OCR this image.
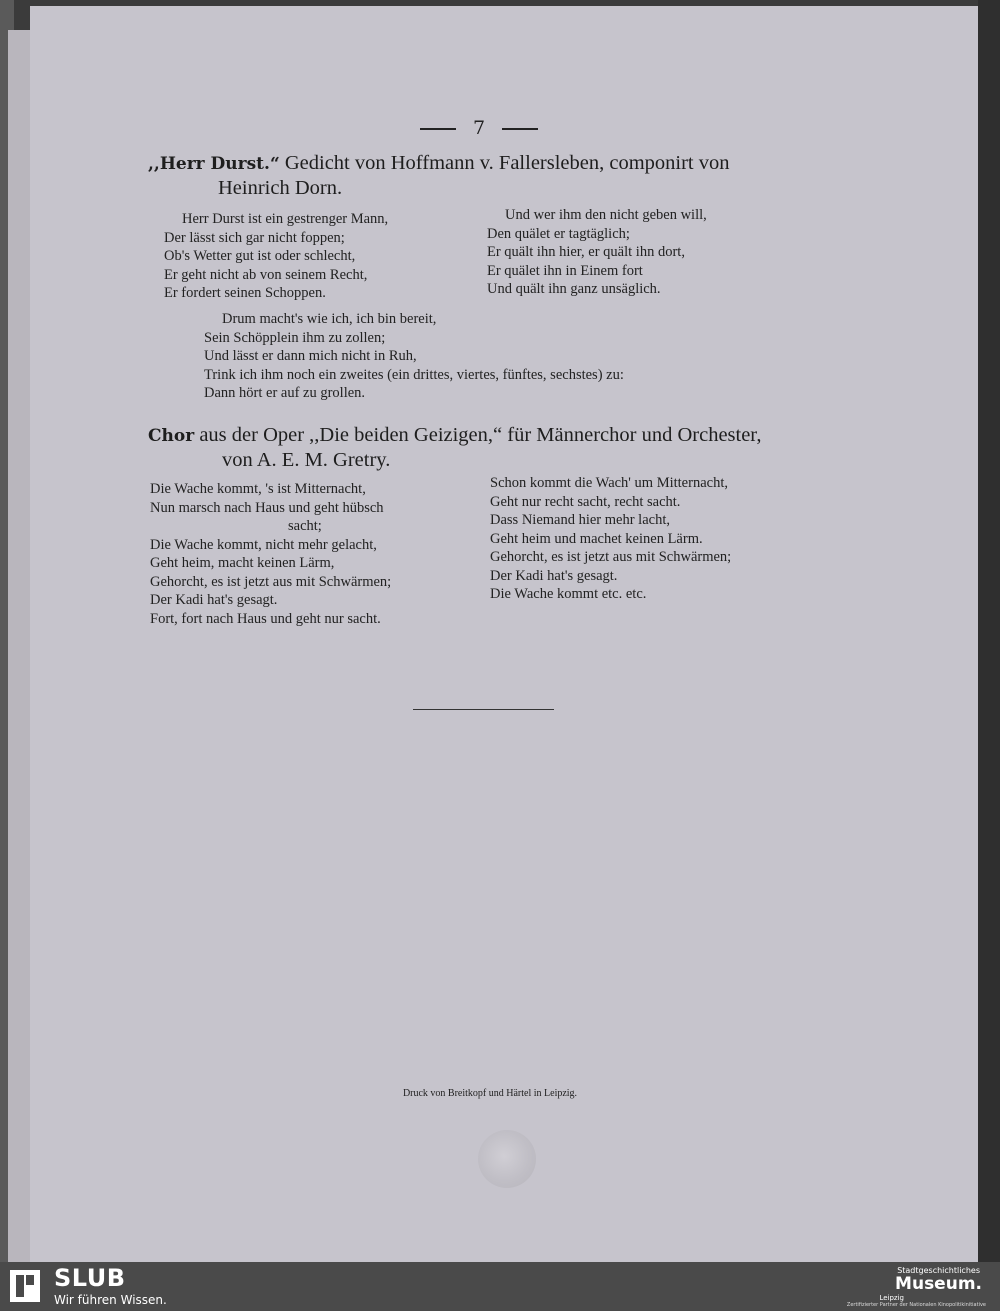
7
,,Herr Durst.“ Gedicht von Hoffmann v. Fallersleben, componirt von
Heinrich Dorn.
Herr Durst ist ein gestrenger Mann,
Der lässt sich gar nicht foppen;
Ob's Wetter gut ist oder schlecht,
Er geht nicht ab von seinem Recht,
Er fordert seinen Schoppen.
Und wer ihm den nicht geben will,
Den quälet er tagtäglich;
Er quält ihn hier, er quält ihn dort,
Er quälet ihn in Einem fort
Und quält ihn ganz unsäglich.
Drum macht's wie ich, ich bin bereit,
Sein Schöpplein ihm zu zollen;
Und lässt er dann mich nicht in Ruh,
Trink ich ihm noch ein zweites (ein drittes, viertes, fünftes, sechstes) zu:
Dann hört er auf zu grollen.
Chor aus der Oper ,,Die beiden Geizigen,“ für Männerchor und Orchester,
von A. E. M. Gretry.
Die Wache kommt, 's ist Mitternacht,
Nun marsch nach Haus und geht hübsch
sacht;
Die Wache kommt, nicht mehr gelacht,
Geht heim, macht keinen Lärm,
Gehorcht, es ist jetzt aus mit Schwärmen;
Der Kadi hat's gesagt.
Fort, fort nach Haus und geht nur sacht.
Schon kommt die Wach' um Mitternacht,
Geht nur recht sacht, recht sacht.
Dass Niemand hier mehr lacht,
Geht heim und machet keinen Lärm.
Gehorcht, es ist jetzt aus mit Schwärmen;
Der Kadi hat's gesagt.
Die Wache kommt etc. etc.
Druck von Breitkopf und Härtel in Leipzig.
SLUB
Wir führen Wissen.
Stadtgeschichtliches
Museum.
Leipzig
Zertifizierter Partner der Nationalen Kinopolitikinitiative
